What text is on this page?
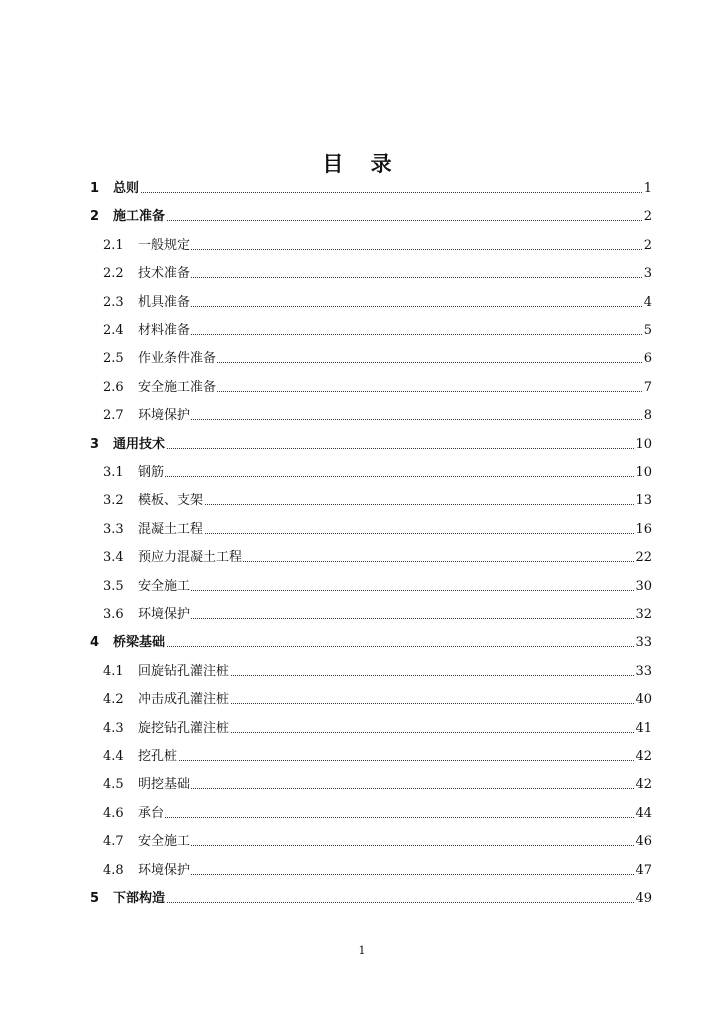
目 录
1 总则	1
2 施工准备	2
2.1 一般规定	2
2.2 技术准备	3
2.3 机具准备	4
2.4 材料准备	5
2.5 作业条件准备	6
2.6 安全施工准备	7
2.7 环境保护	8
3 通用技术	10
3.1 钢筋	10
3.2 模板、支架	13
3.3 混凝土工程	16
3.4 预应力混凝土工程	22
3.5 安全施工	30
3.6 环境保护	32
4 桥梁基础	33
4.1 回旋钻孔灌注桩	33
4.2 冲击成孔灌注桩	40
4.3 旋挖钻孔灌注桩	41
4.4 挖孔桩	42
4.5 明挖基础	42
4.6 承台	44
4.7 安全施工	46
4.8 环境保护	47
5 下部构造	49
1
